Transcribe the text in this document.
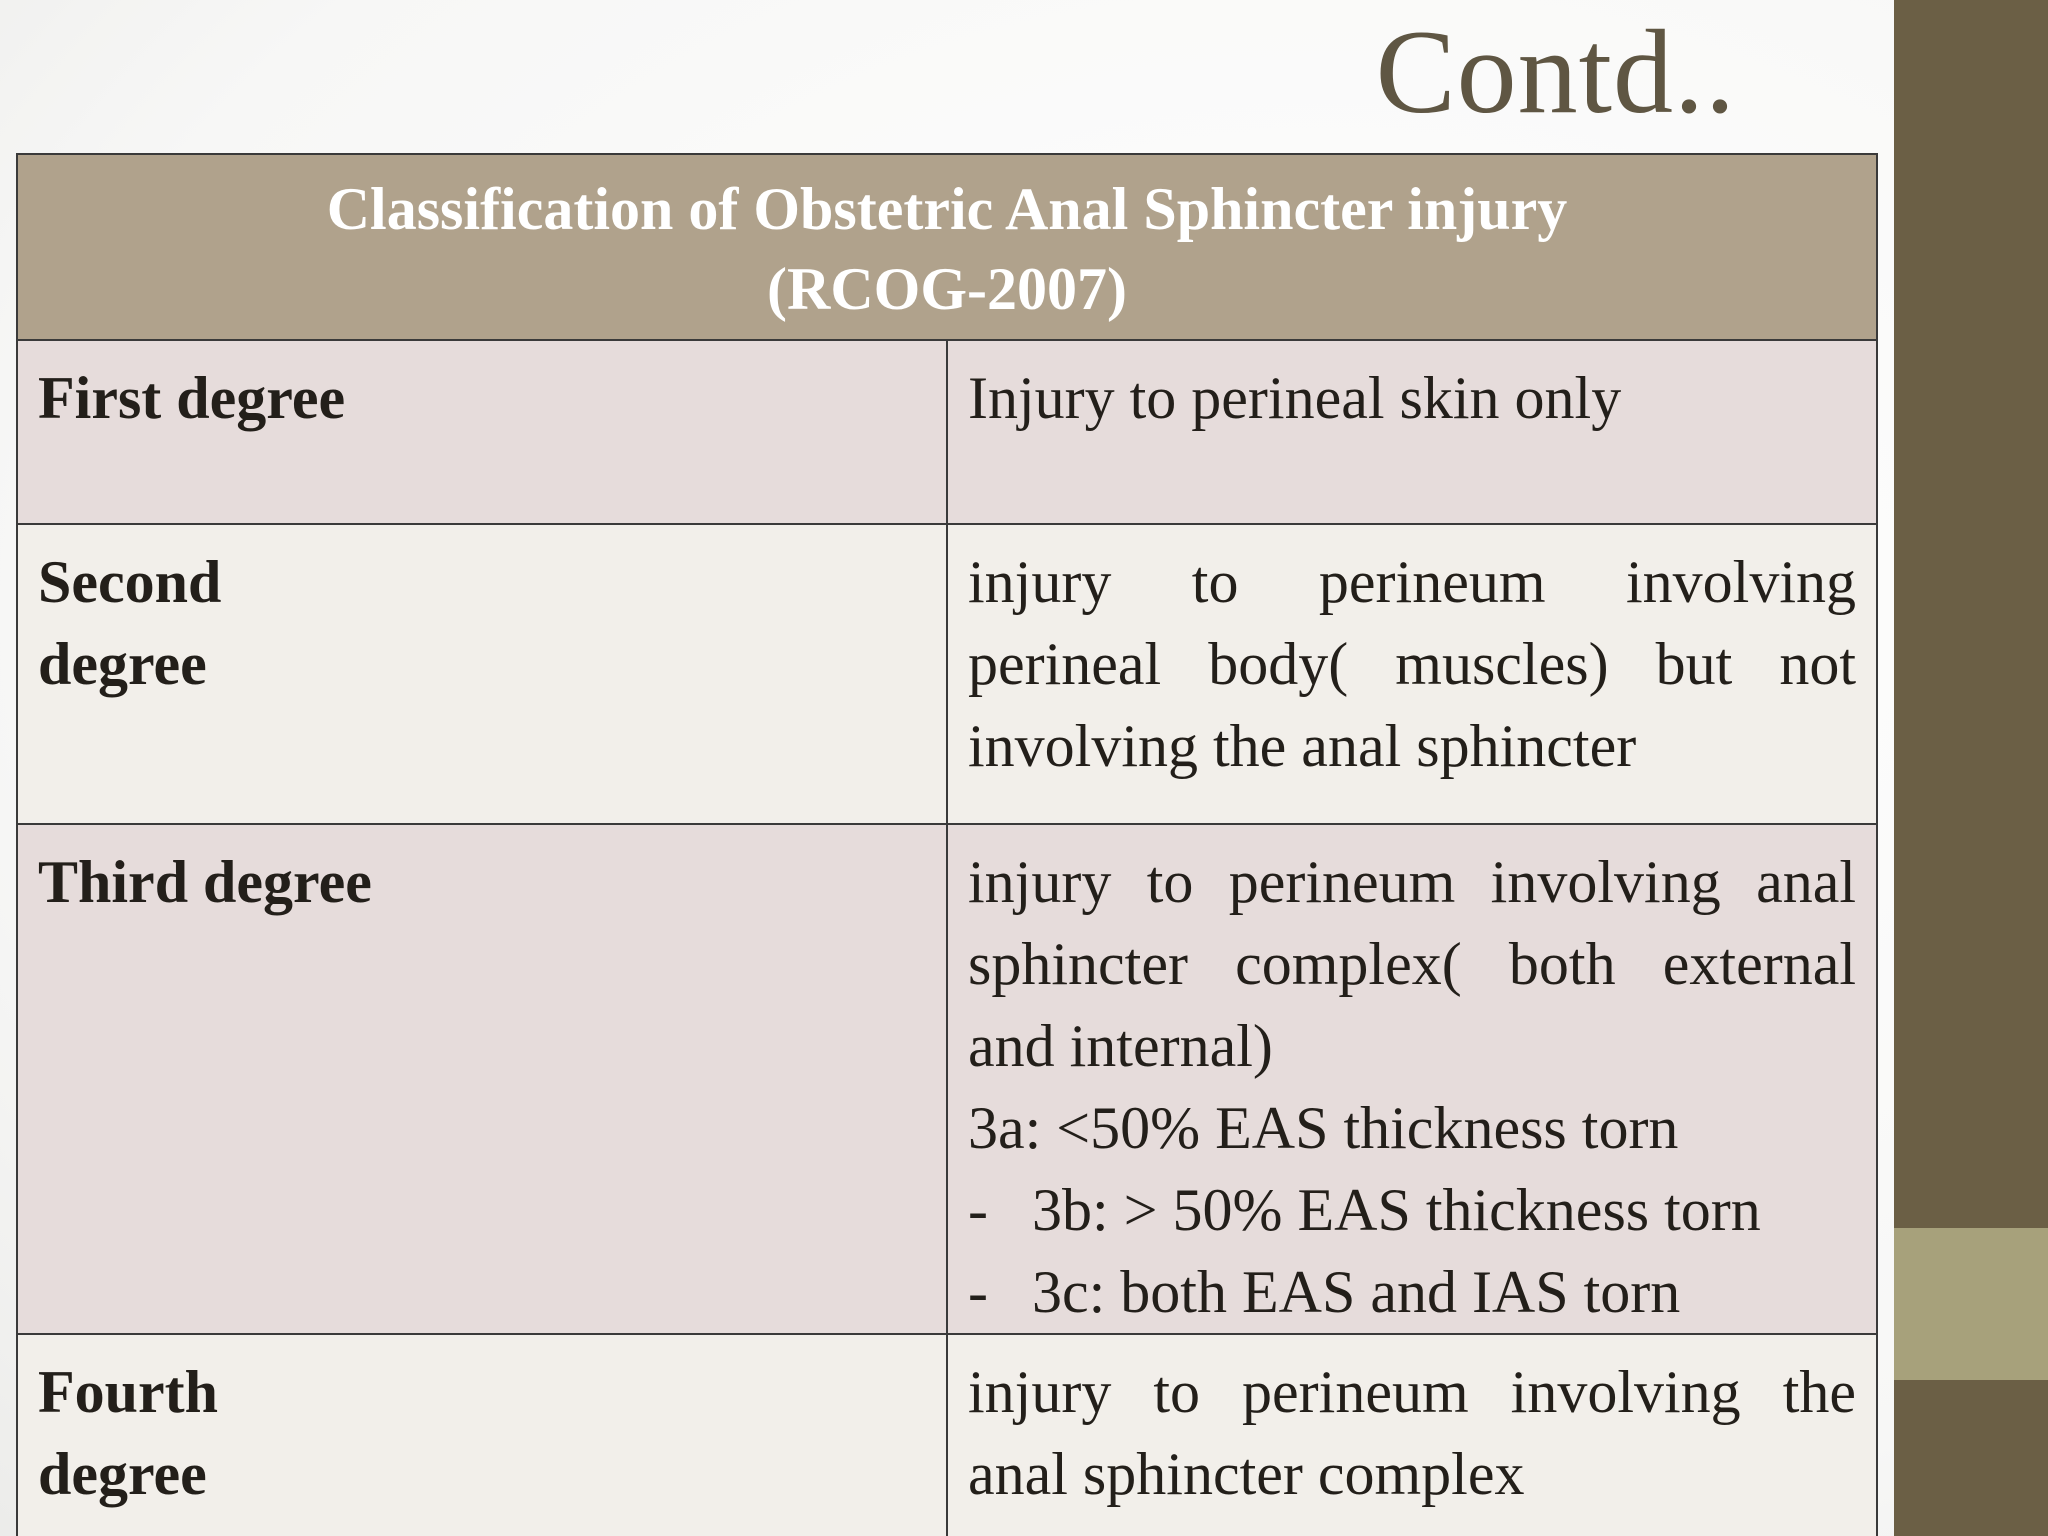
Contd..
Classification of Obstetric Anal Sphincter injury
(RCOG-2007)	
First degree	Injury to perineal skin only

Second degree	injury to perineum involving perineal body( muscles) but not involving the anal sphincter

Third degree	injury to perineum involving anal sphincter complex( both external and internal)
3a: <50% EAS thickness torn
- 3b: > 50% EAS thickness torn
- 3c: both EAS and IAS torn

Fourth degree	injury to perineum involving the anal sphincter complex
